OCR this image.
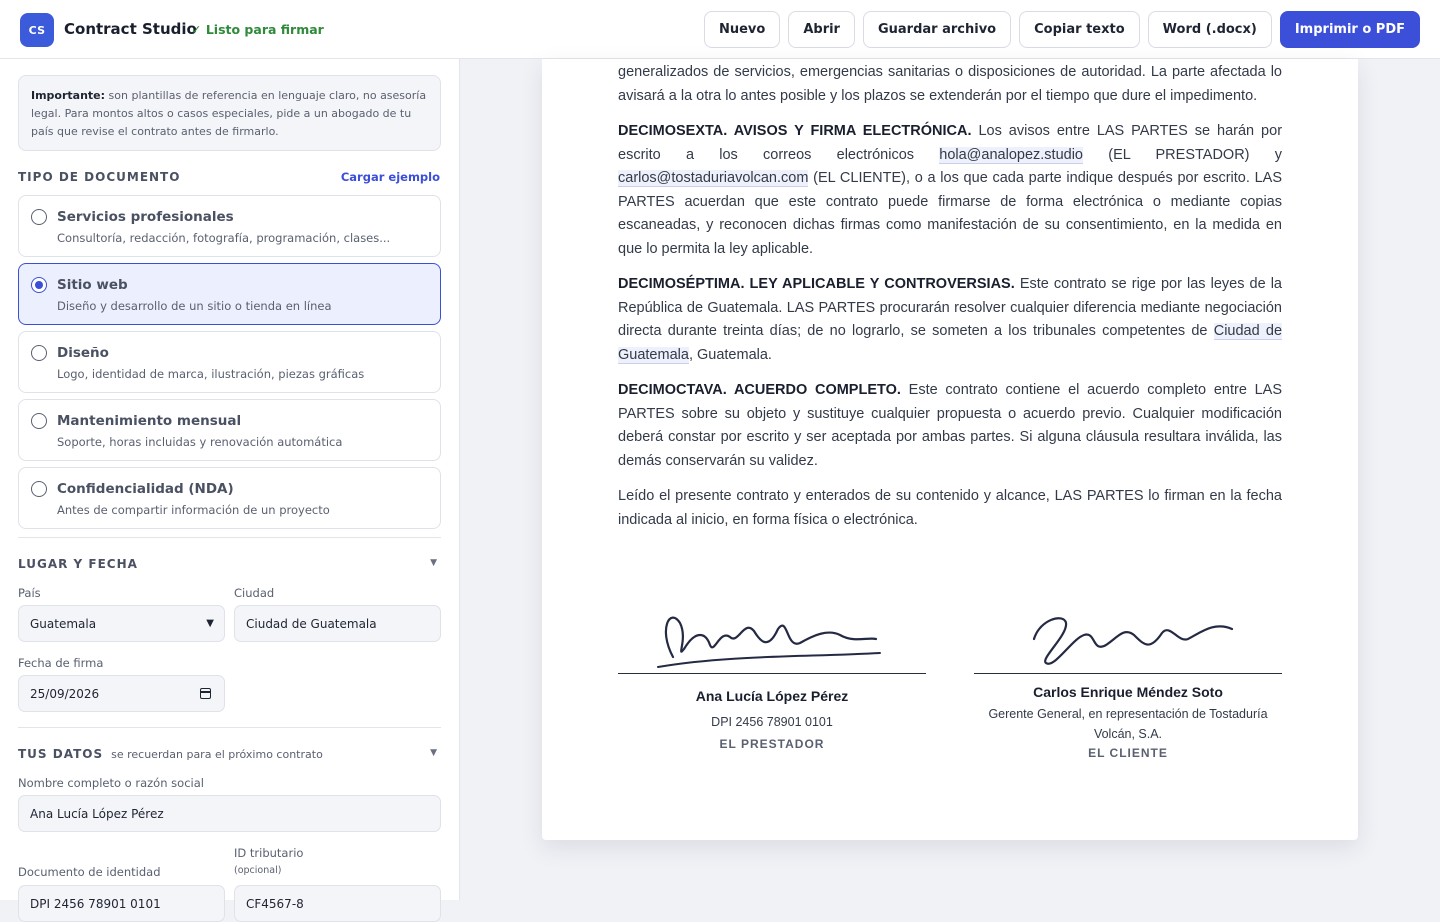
CS	Contract Studio
✓ Listo para firmar	Nuevo	Abrir	Guardar archivo	Copiar texto	Word (.docx)	Imprimir o PDF
Importante: son plantillas de referencia en lenguaje claro, no asesoría legal. Para montos altos o casos especiales, pide a un abogado de tu país que revise el contrato antes de firmarlo.
TIPO DE DOCUMENTO	Cargar ejemplo
Servicios profesionales
Consultoría, redacción, fotografía, programación, clases...
Sitio web
Diseño y desarrollo de un sitio o tienda en línea
Diseño
Logo, identidad de marca, ilustración, piezas gráficas
Mantenimiento mensual
Soporte, horas incluidas y renovación automática
Confidencialidad (NDA)
Antes de compartir información de un proyecto
LUGAR Y FECHA	▼
País
Guatemala	▼
Ciudad
Ciudad de Guatemala
Fecha de firma
25/09/2026
TUS DATOS se recuerdan para el próximo contrato	▼
Nombre completo o razón social
Ana Lucía López Pérez
Documento de identidad
ID tributario
(opcional)
DPI 2456 78901 0101	CF4567-8

generalizados de servicios, emergencias sanitarias o disposiciones de autoridad. La parte afectada lo avisará a la otra lo antes posible y los plazos se extenderán por el tiempo que dure el impedimento.

DECIMOSEXTA. AVISOS Y FIRMA ELECTRÓNICA. Los avisos entre LAS PARTES se harán por escrito a los correos electrónicos hola@analopez.studio (EL PRESTADOR) y carlos@tostaduriavolcan.com (EL CLIENTE), o a los que cada parte indique después por escrito. LAS PARTES acuerdan que este contrato puede firmarse de forma electrónica o mediante copias escaneadas, y reconocen dichas firmas como manifestación de su consentimiento, en la medida en que lo permita la ley aplicable.

DECIMOSÉPTIMA. LEY APLICABLE Y CONTROVERSIAS. Este contrato se rige por las leyes de la República de Guatemala. LAS PARTES procurarán resolver cualquier diferencia mediante negociación directa durante treinta días; de no lograrlo, se someten a los tribunales competentes de Ciudad de Guatemala, Guatemala.

DECIMOCTAVA. ACUERDO COMPLETO. Este contrato contiene el acuerdo completo entre LAS PARTES sobre su objeto y sustituye cualquier propuesta o acuerdo previo. Cualquier modificación deberá constar por escrito y ser aceptada por ambas partes. Si alguna cláusula resultara inválida, las demás conservarán su validez.

Leído el presente contrato y enterados de su contenido y alcance, LAS PARTES lo firman en la fecha indicada al inicio, en forma física o electrónica.

Ana Lucía López Pérez
DPI 2456 78901 0101
EL PRESTADOR
Carlos Enrique Méndez Soto
Gerente General, en representación de Tostaduría Volcán, S.A.
EL CLIENTE
